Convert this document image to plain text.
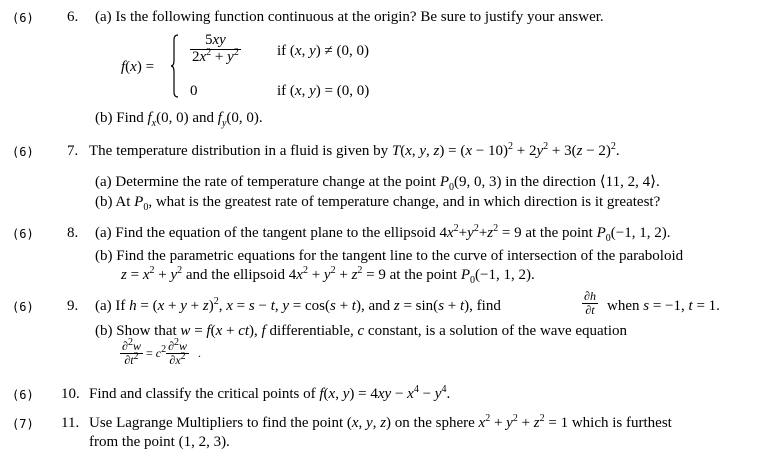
(6) 6. (a) Is the following function continuous at the origin? Be sure to justify your answer.
f(x) =
$\frac{5xy}{2x^2 + y^2}$ if (x, y) ≠ (0, 0)
0	if (x, y) = (0, 0)
(b) Find $f_x(0$, 0) and $f_y(0$, 0).
(6) 7. The temperature distribution in a fluid is given by T(x, y, $z) = (x - 10)^2 + 2y^2 + 3(z - 2)^2$.
(a) Determine the rate of temperature change at the point $P_0(9$, 0, 3) in the direction ⟨11, 2, 4⟩.
(b) At $P_0$, what is the greatest rate of temperature change, and in which direction is it greatest?
(6) 8. (a) Find the equation of the tangent plane to the ellipsoid $4x^2+y^2+z^2 = 9$ at the point $P_0(-1$, 1, 2).
(b) Find the parametric equations for the tangent line to the curve of intersection of the paraboloid
$z = x^2 + y^2$ and the ellipsoid $4x^2 + y^2 + z^2 = 9$ at the point $P_0(-1$, 1, 2).
(6) 9. (a) If $h = (x + y + z)^2$, x = s − t, y = cos(s + t), and z = sin(s + t), find	$\frac{\partial h}{\partial t}$ when s = −1, t = 1.
(b) Show that w = f(x + ct), f differentiable, c constant, is a solution of the wave equation
$\frac{\partial^2w}{\partial t^2} = c^2 \frac{\partial^2w}{\partial x^2}$ .
(6) 10. Find and classify the critical points of f(x, $y) = 4xy - x^4 - y^4$.
(7) 11. Use Lagrange Multipliers to find the point (x, y, z) on the sphere $x^2 + y^2 + z^2 = 1$ which is furthest
from the point (1, 2, 3).
